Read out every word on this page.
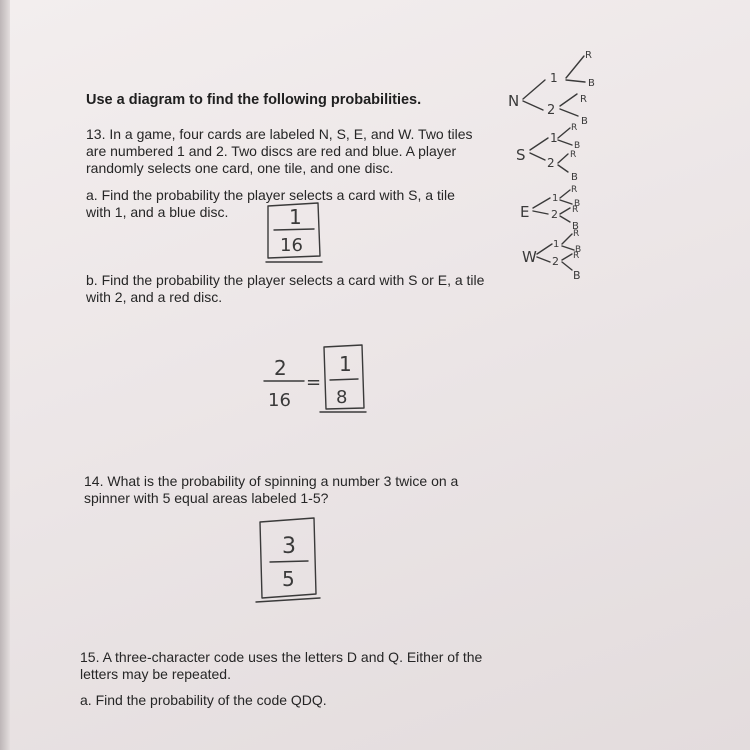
Use a diagram to find the following probabilities.
13. In a game, four cards are labeled N, S, E, and W. Two tiles are numbered 1 and 2. Two discs are red and blue. A player randomly selects one card, one tile, and one disc.
a. Find the probability the player selects a card with S, a tile with 1, and a blue disc.
b. Find the probability the player selects a card with S or E, a tile with 2, and a red disc.
14. What is the probability of spinning a number 3 twice on a spinner with 5 equal areas labeled 1-5?
15. A three-character code uses the letters D and Q. Either of the letters may be repeated.
a. Find the probability of the code QDQ.
1
16
2
16
=
1
8
3
5
N
1
2
R
B
R
B
S
1
2
R
B
R
B
E
1
2
R
B
R
B
W
1
2
R
B
R
B
